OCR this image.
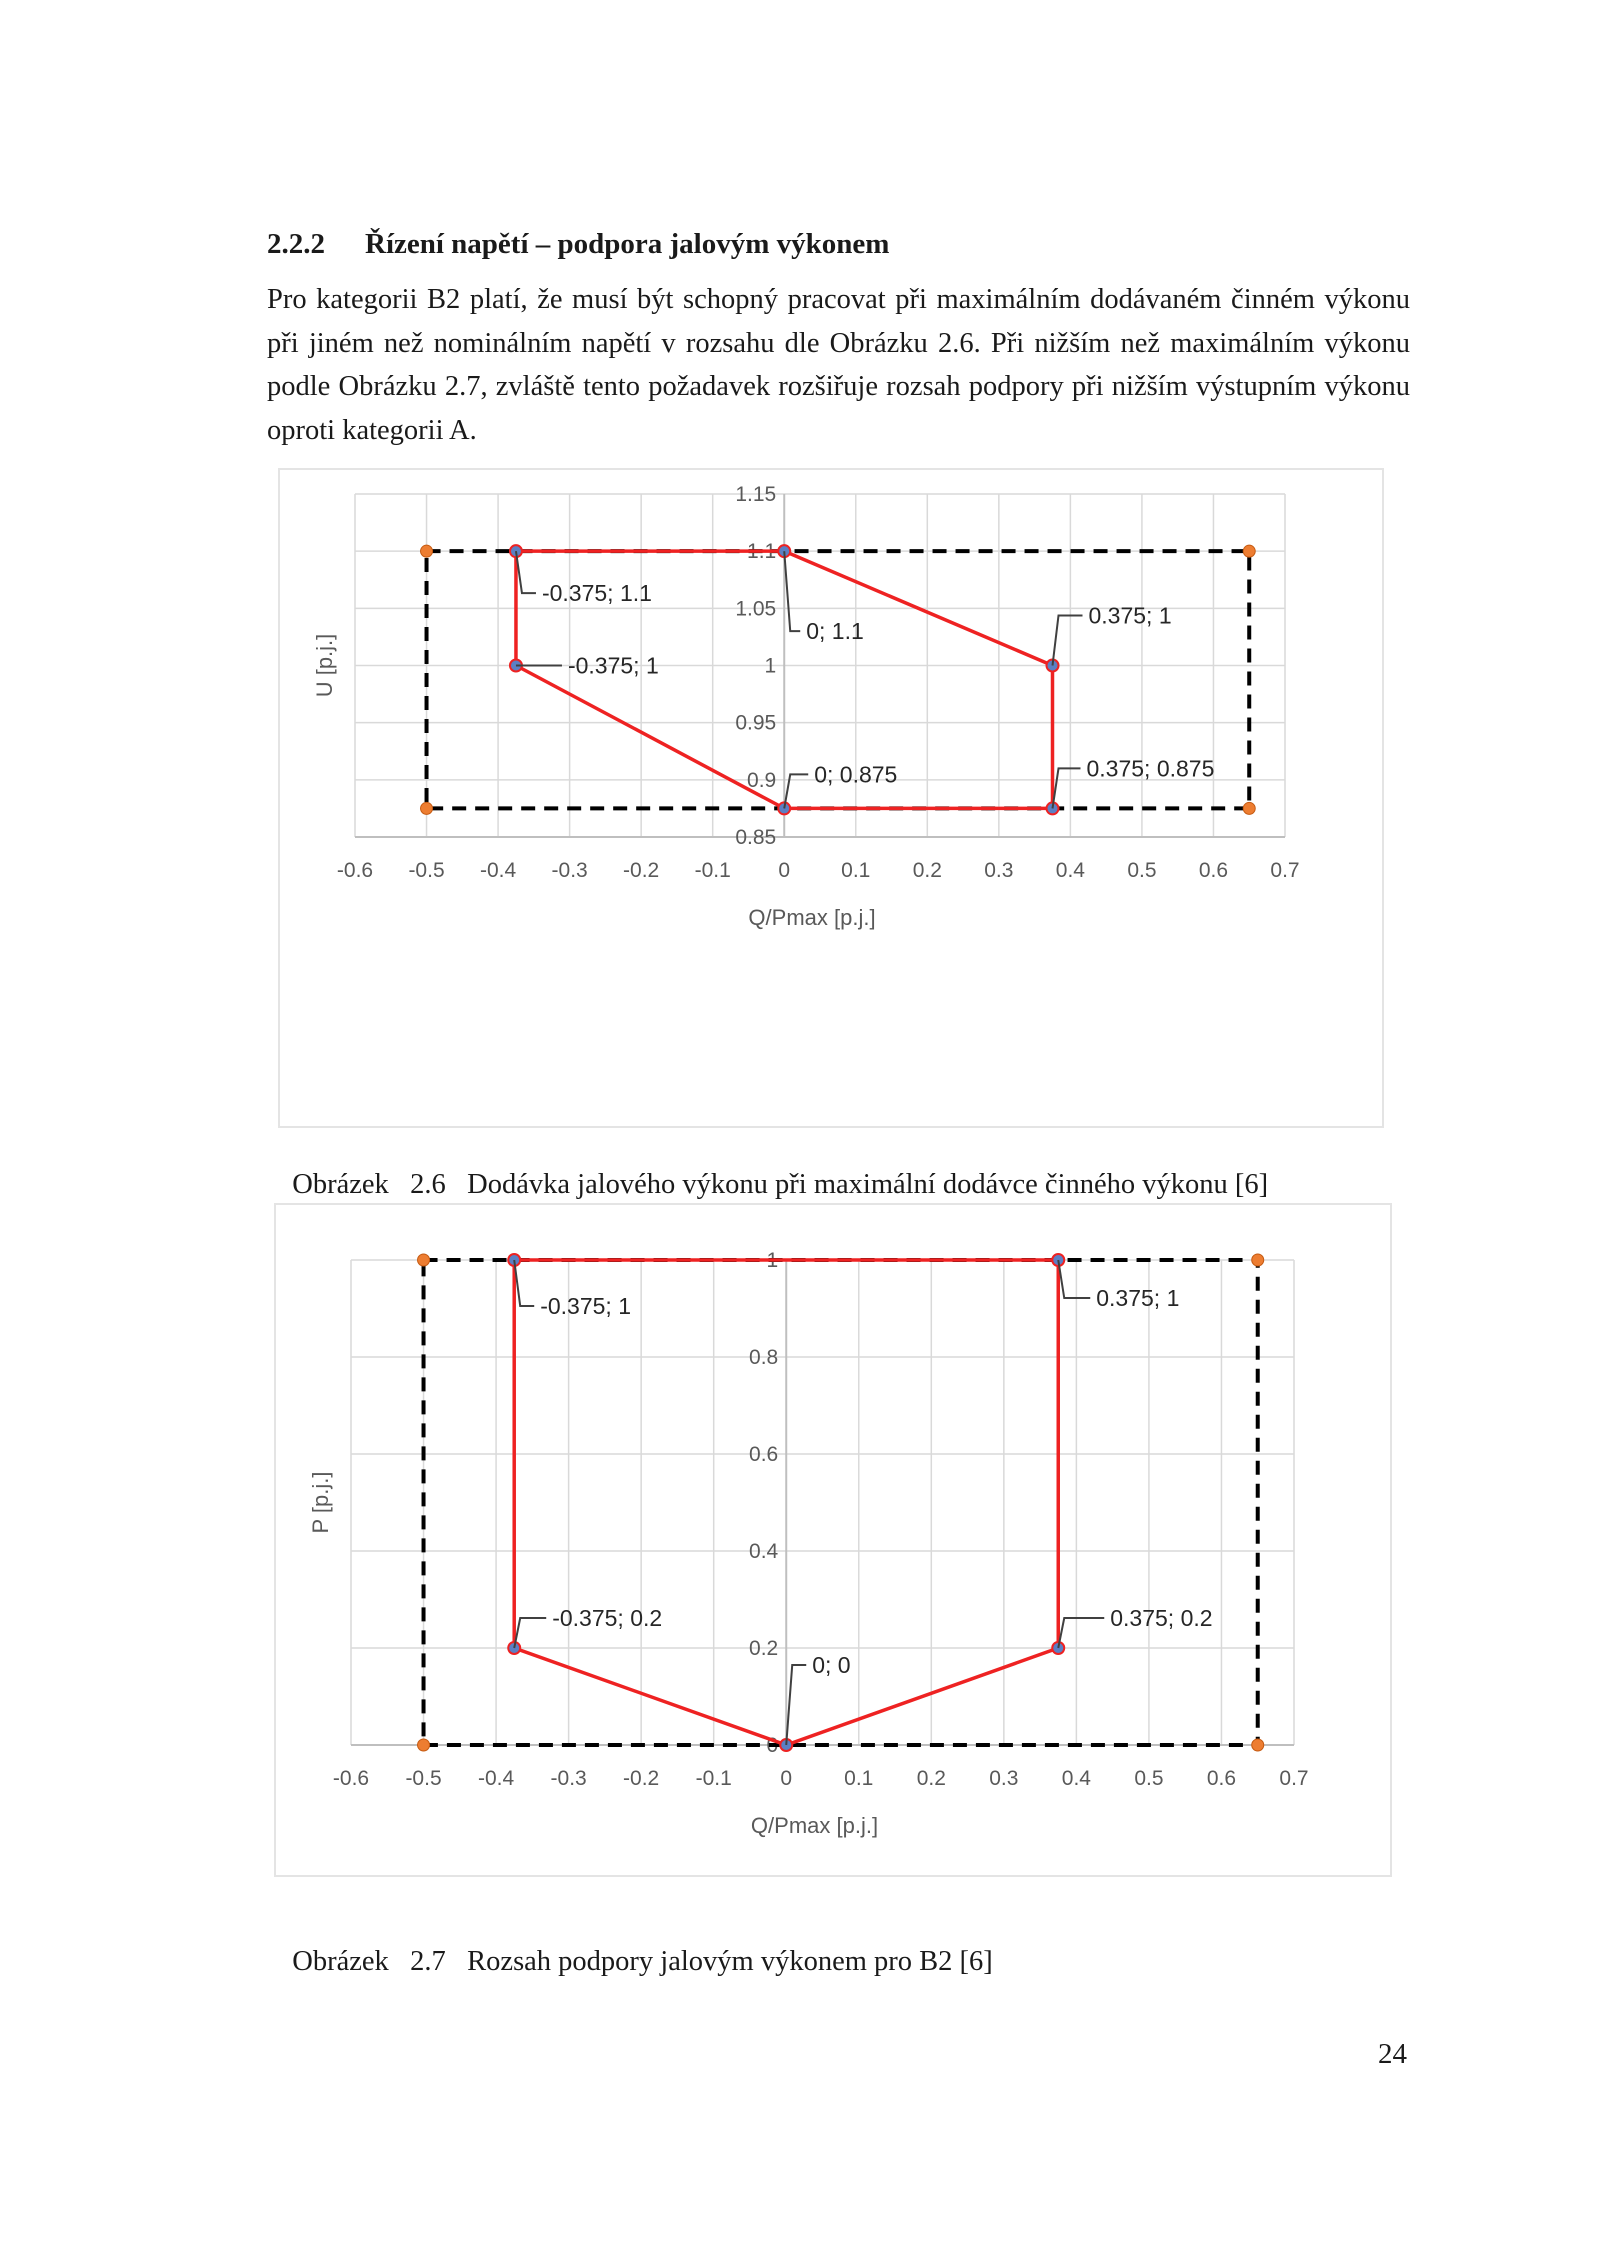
2.2.2 Řízení napětí – podpora jalovým výkonem
Pro kategorii B2 platí, že musí být schopný pracovat při maximálním dodávaném činném výkonu při jiném než nominálním napětí v rozsahu dle Obrázku 2.6. Při nižším než maximálním výkonu podle Obrázku 2.7, zvláště tento požadavek rozšiřuje rozsah podpory při nižším výstupním výkonu oproti kategorii A.
-0.6 -0.5 -0.4 -0.3 -0.2 -0.1 0 0.1 0.2 0.3 0.4 0.5 0.6 0.7
0.85
0.9
0.95
1
1.05
1.1
1.15
Q/Pmax [p.j.]
U [p.j.]
-0.375; 1.1
0; 1.1
0.375; 1
-0.375; 1
0; 0.875	0.375; 0.875

Obrázek 2.6 Dodávka jalového výkonu při maximální dodávce činného výkonu [6]

-0.6 -0.5 -0.4 -0.3 -0.2 -0.1 0 0.1 0.2 0.3 0.4 0.5 0.6 0.7
0
0.2
0.4
0.6
0.8
1
Q/Pmax [p.j.]
P [p.j.]
-0.375; 1	0.375; 1
-0.375; 0.2	0.375; 0.2
0; 0

Obrázek 2.7 Rozsah podpory jalovým výkonem pro B2 [6]

24
